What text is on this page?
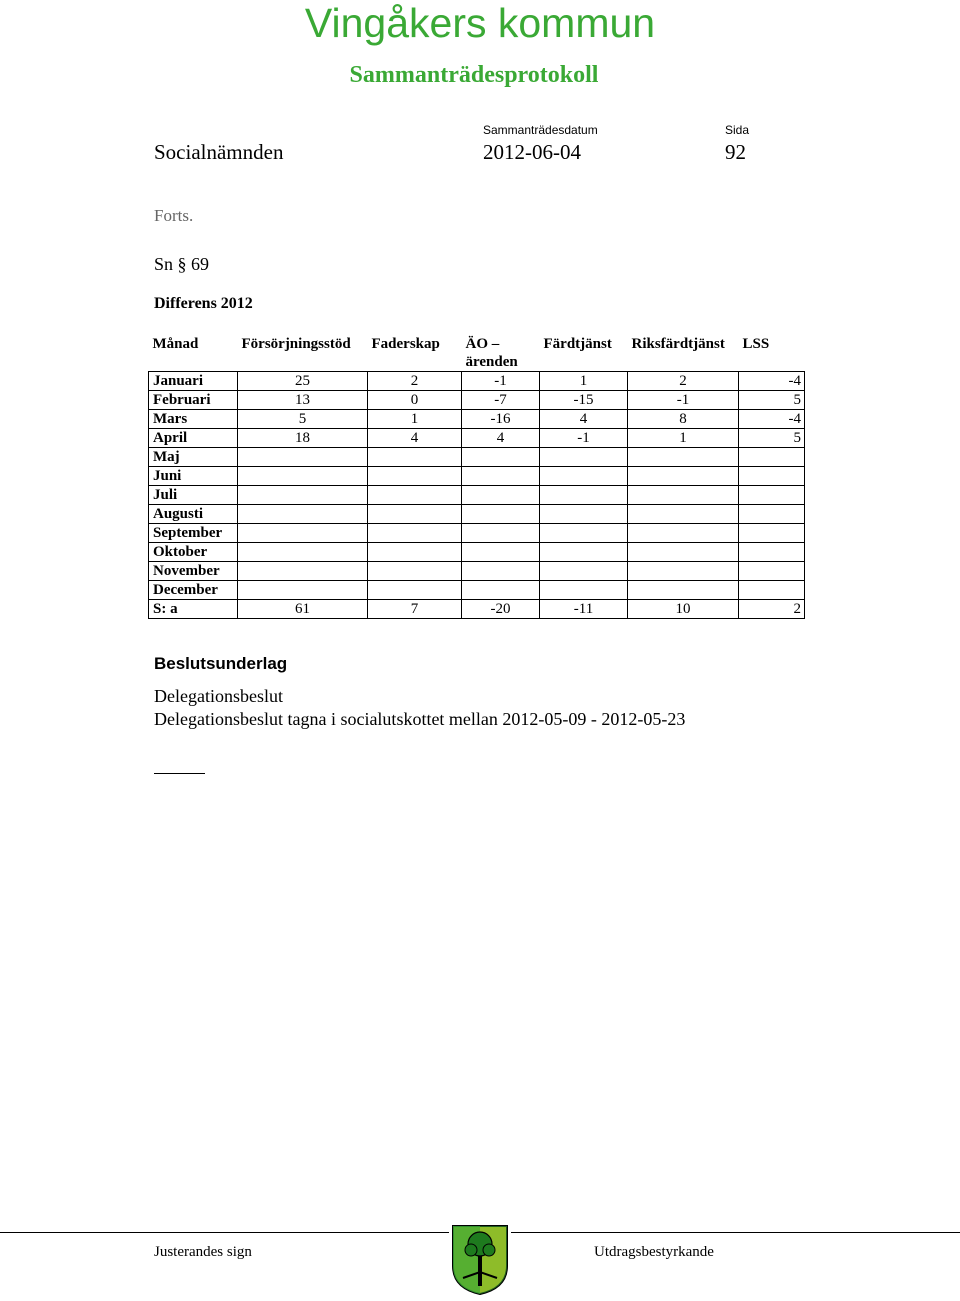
Vingåkers kommun
Sammanträdesprotokoll
Socialnämnden
Sammanträdesdatum
2012-06-04
Sida
92
Forts.
Sn § 69
Differens 2012
Månad	Försörjningsstöd	Faderskap	ÄO – ärenden	Färdtjänst	Riksfärdtjänst	LSS
Januari	25	2	-1	1	2	-4
Februari	13	0	-7	-15	-1	5
Mars	5	1	-16	4	8	-4
April	18	4	4	-1	1	5
Maj						
Juni						
Juli						
Augusti						
September						
Oktober						
November						
December						
S: a	61	7	-20	-11	10	2
Beslutsunderlag
Delegationsbeslut
Delegationsbeslut tagna i socialutskottet mellan 2012-05-09 - 2012-05-23
Justerandes sign	Utdragsbestyrkande
